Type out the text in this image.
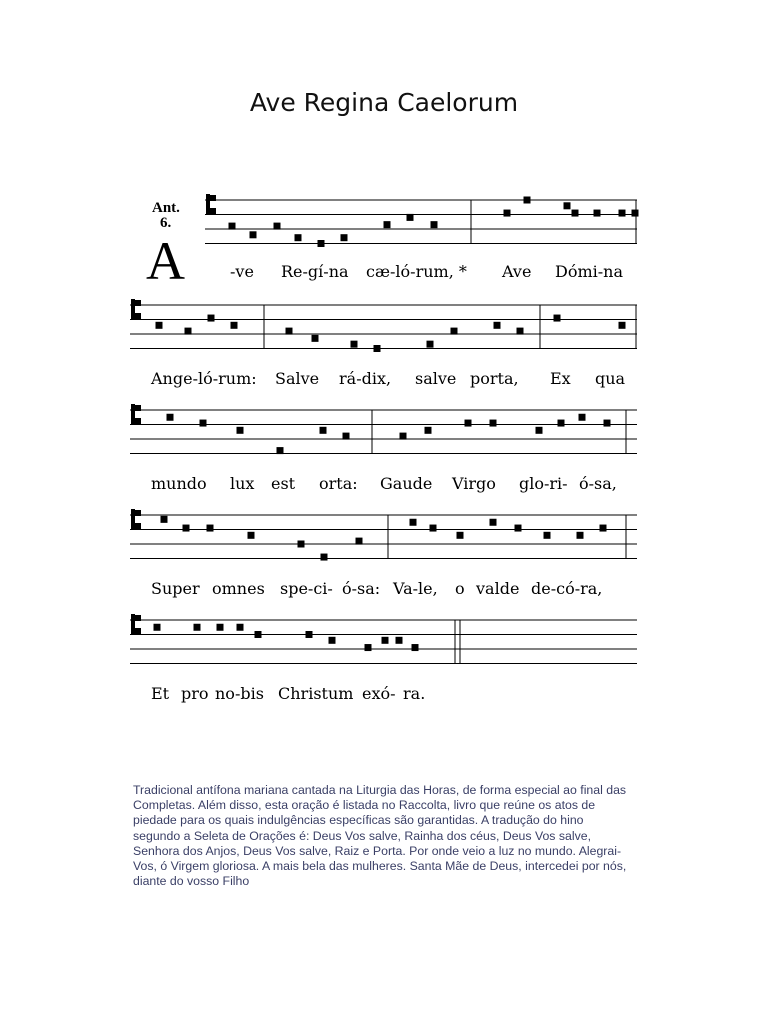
Ave Regina Caelorum
Ant.
6.
A	-ve Re-gí-na cæ-ló-rum, * Ave Dómi-na
Ange-ló-rum: Salve rá-dix, salve porta, Ex qua
mundo lux est orta: Gaude Virgo glo-ri- ó-sa,
Super omnes spe-ci- ó-sa: Va-le, o valde de-có-ra,
Et pro no-bis Christum exó- ra.
Tradicional antífona mariana cantada na Liturgia das Horas, de forma especial ao final das Completas. Além disso, esta oração é listada no Raccolta, livro que reúne os atos de piedade para os quais indulgências específicas são garantidas. A tradução do hino segundo a Seleta de Orações é: Deus Vos salve, Rainha dos céus, Deus Vos salve, Senhora dos Anjos, Deus Vos salve, Raiz e Porta. Por onde veio a luz no mundo. Alegrai-Vos, ó Virgem gloriosa. A mais bela das mulheres. Santa Mãe de Deus, intercedei por nós, diante do vosso Filho
